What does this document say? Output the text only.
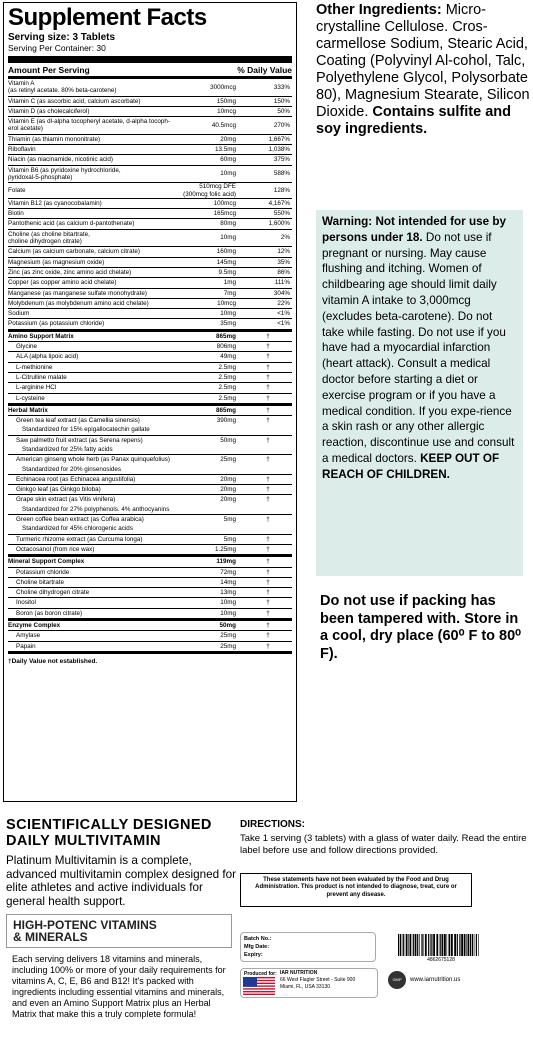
Supplement Facts
Serving size: 3 Tablets
Serving Per Container: 30
Amount Per Serving	% Daily Value
Vitamin A
(as retinyl acetate. 80% beta-carotene)
3000mcg	333%
Vitamin C (as ascorbic acid, calcium ascorbate)	150mg	150%
Vitamin D (as cholecalciferol)	10mcg	50%
Vitamin E (as dl-alpha tocopheryl acetate, d-alpha tocoph-
erol acetate)
40.5mcg	270%
Thiamin (as thiamin mononitrate)	20mg	1,667%
Riboflavin	13.5mg	1,038%
Niacin (as niacinamide, nicotinic acid)	60mg	375%
Vitamin B6 (as pyridoxine hydrochloride,
pyridoxal-5-phosphate)
10mg	588%
Folate
510mcg DFE
(300mcg folic acid)
128%
Vitamin B12 (as cyanocobalamin)	100mcg	4,167%
Biotin	165mcg	550%
Pantothenic acid (as calcium d-pantothenate)	80mg	1,600%
Choline (as choline bitartrate,
choline dihydrogen citrate)
10mg	2%
Calcium (as calcium carbonate, calcium citrate)	160mg	12%
Magnesium (as magnesium oxide)	145mg	35%
Zinc (as zinc oxide, zinc amino acid chelate)	9.5mg	86%
Copper (as copper amino acid chelate)	1mg	111%
Manganese (as manganese sulfate monohydrate)	7mg	304%
Molybdenum (as molybdenum amino acid chelate)	10mcg	22%
Sodium	10mg	<1%
Potassium (as potassium chloride)	35mg	<1%
Amino Support Matrix	865mg	†
Glycine	806mg	†
ALA (alpha lipoic acid)	49mg	†
L-methionine	2.5mg	†
L-Citrulline malate	2.5mg	†
L-arginine HCl	2.5mg	†
L-cysteine	2.5mg	†
Herbal Matrix	865mg	†
Green tea leaf extract (as Camellia sinensis)	390mg	†
Standardized for 15% epigallocatechin gallate
Saw palmetto fruit extract (as Serena repens)	50mg	†
Standardized for 25% fatty acids
American ginseng whole herb (as Panax quinquefolius)	25mg	†
Standardized for 20% ginsenosides
Echinacea root (as Echinacea angustifolia)	20mg	†
Ginkgo leaf (as Ginkgo biloba)	20mg	†
Grape skin extract (as Vitis vinifera)	20mg	†
Standardized for 27% polyphenols. 4% anthocyanins
Green coffee bean extract (as Coffea arabica)	5mg	†
Standardized for 45% chlorogenic acids
Turmeric rhizome extract (as Curcuma longa)	5mg	†
Octacosanol (from rice wax)	1.25mg	†
Mineral Support Complex	119mg	†
Potassium chloride	72mg	†
Choline bitartrate	14mg	†
Choline dihydrogen citrate	13mg	†
Inositol	10mg	†
Boron (as boron citrate)	10mg	†
Enzyme Complex	50mg	†
Amylase	25mg	†
Papain	25mg	†
†Daily Value not established.
Other Ingredients: Micro-crystalline Cellulose. Cros-carmellose Sodium, Stearic Acid, Coating (Polyvinyl Al-cohol, Talc, Polyethylene Glycol, Polysorbate 80), Magnesium Stearate, Silicon Dioxide. Contains sulfite and soy ingredients.
Warning: Not intended for use by persons under 18. Do not use if pregnant or nursing. May cause flushing and itching. Women of childbearing age should limit daily vitamin A intake to 3,000mcg (excludes beta-carotene). Do not take while fasting. Do not use if you have had a myocardial infarction (heart attack). Consult a medical doctor before starting a diet or exercise program or if you have a medical condition. If you expe-rience a skin rash or any other allergic reaction, discontinue use and consult a medical doctors. KEEP OUT OF REACH OF CHILDREN.
Do not use if packing has been tampered with. Store in a cool, dry place (60⁰ F to 80⁰ F).
SCIENTIFICALLY DESIGNED
DAILY MULTIVITAMIN
Platinum Multivitamin is a complete, advanced multivitamin complex designed for elite athletes and active individuals for general health support.
HIGH-POTENC VITAMINS
& MINERALS
Each serving delivers 18 vitamins and minerals, including 100% or more of your daily requirements for vitamins A, C, E, B6 and B12! It's packed with ingredients including essential vitamins and minerals, and even an Amino Support Matrix plus an Herbal Matrix that make this a truly complete formula!
DIRECTIONS:
Take 1 serving (3 tablets) with a glass of water daily. Read the entire label before use and follow directions provided.
These statements have not been evaluated by the Food and Drug Administration. This product is not intended to diagnose, treat, cure or prevent any disease.
Batch No.:
Mfg Date:
Expiry:
4862675128
Produced for: IAR NUTRITION
66 West Flagler Street - Suite 900
Miami, FL, USA 33130
GMP	www.iarnutrition.us
